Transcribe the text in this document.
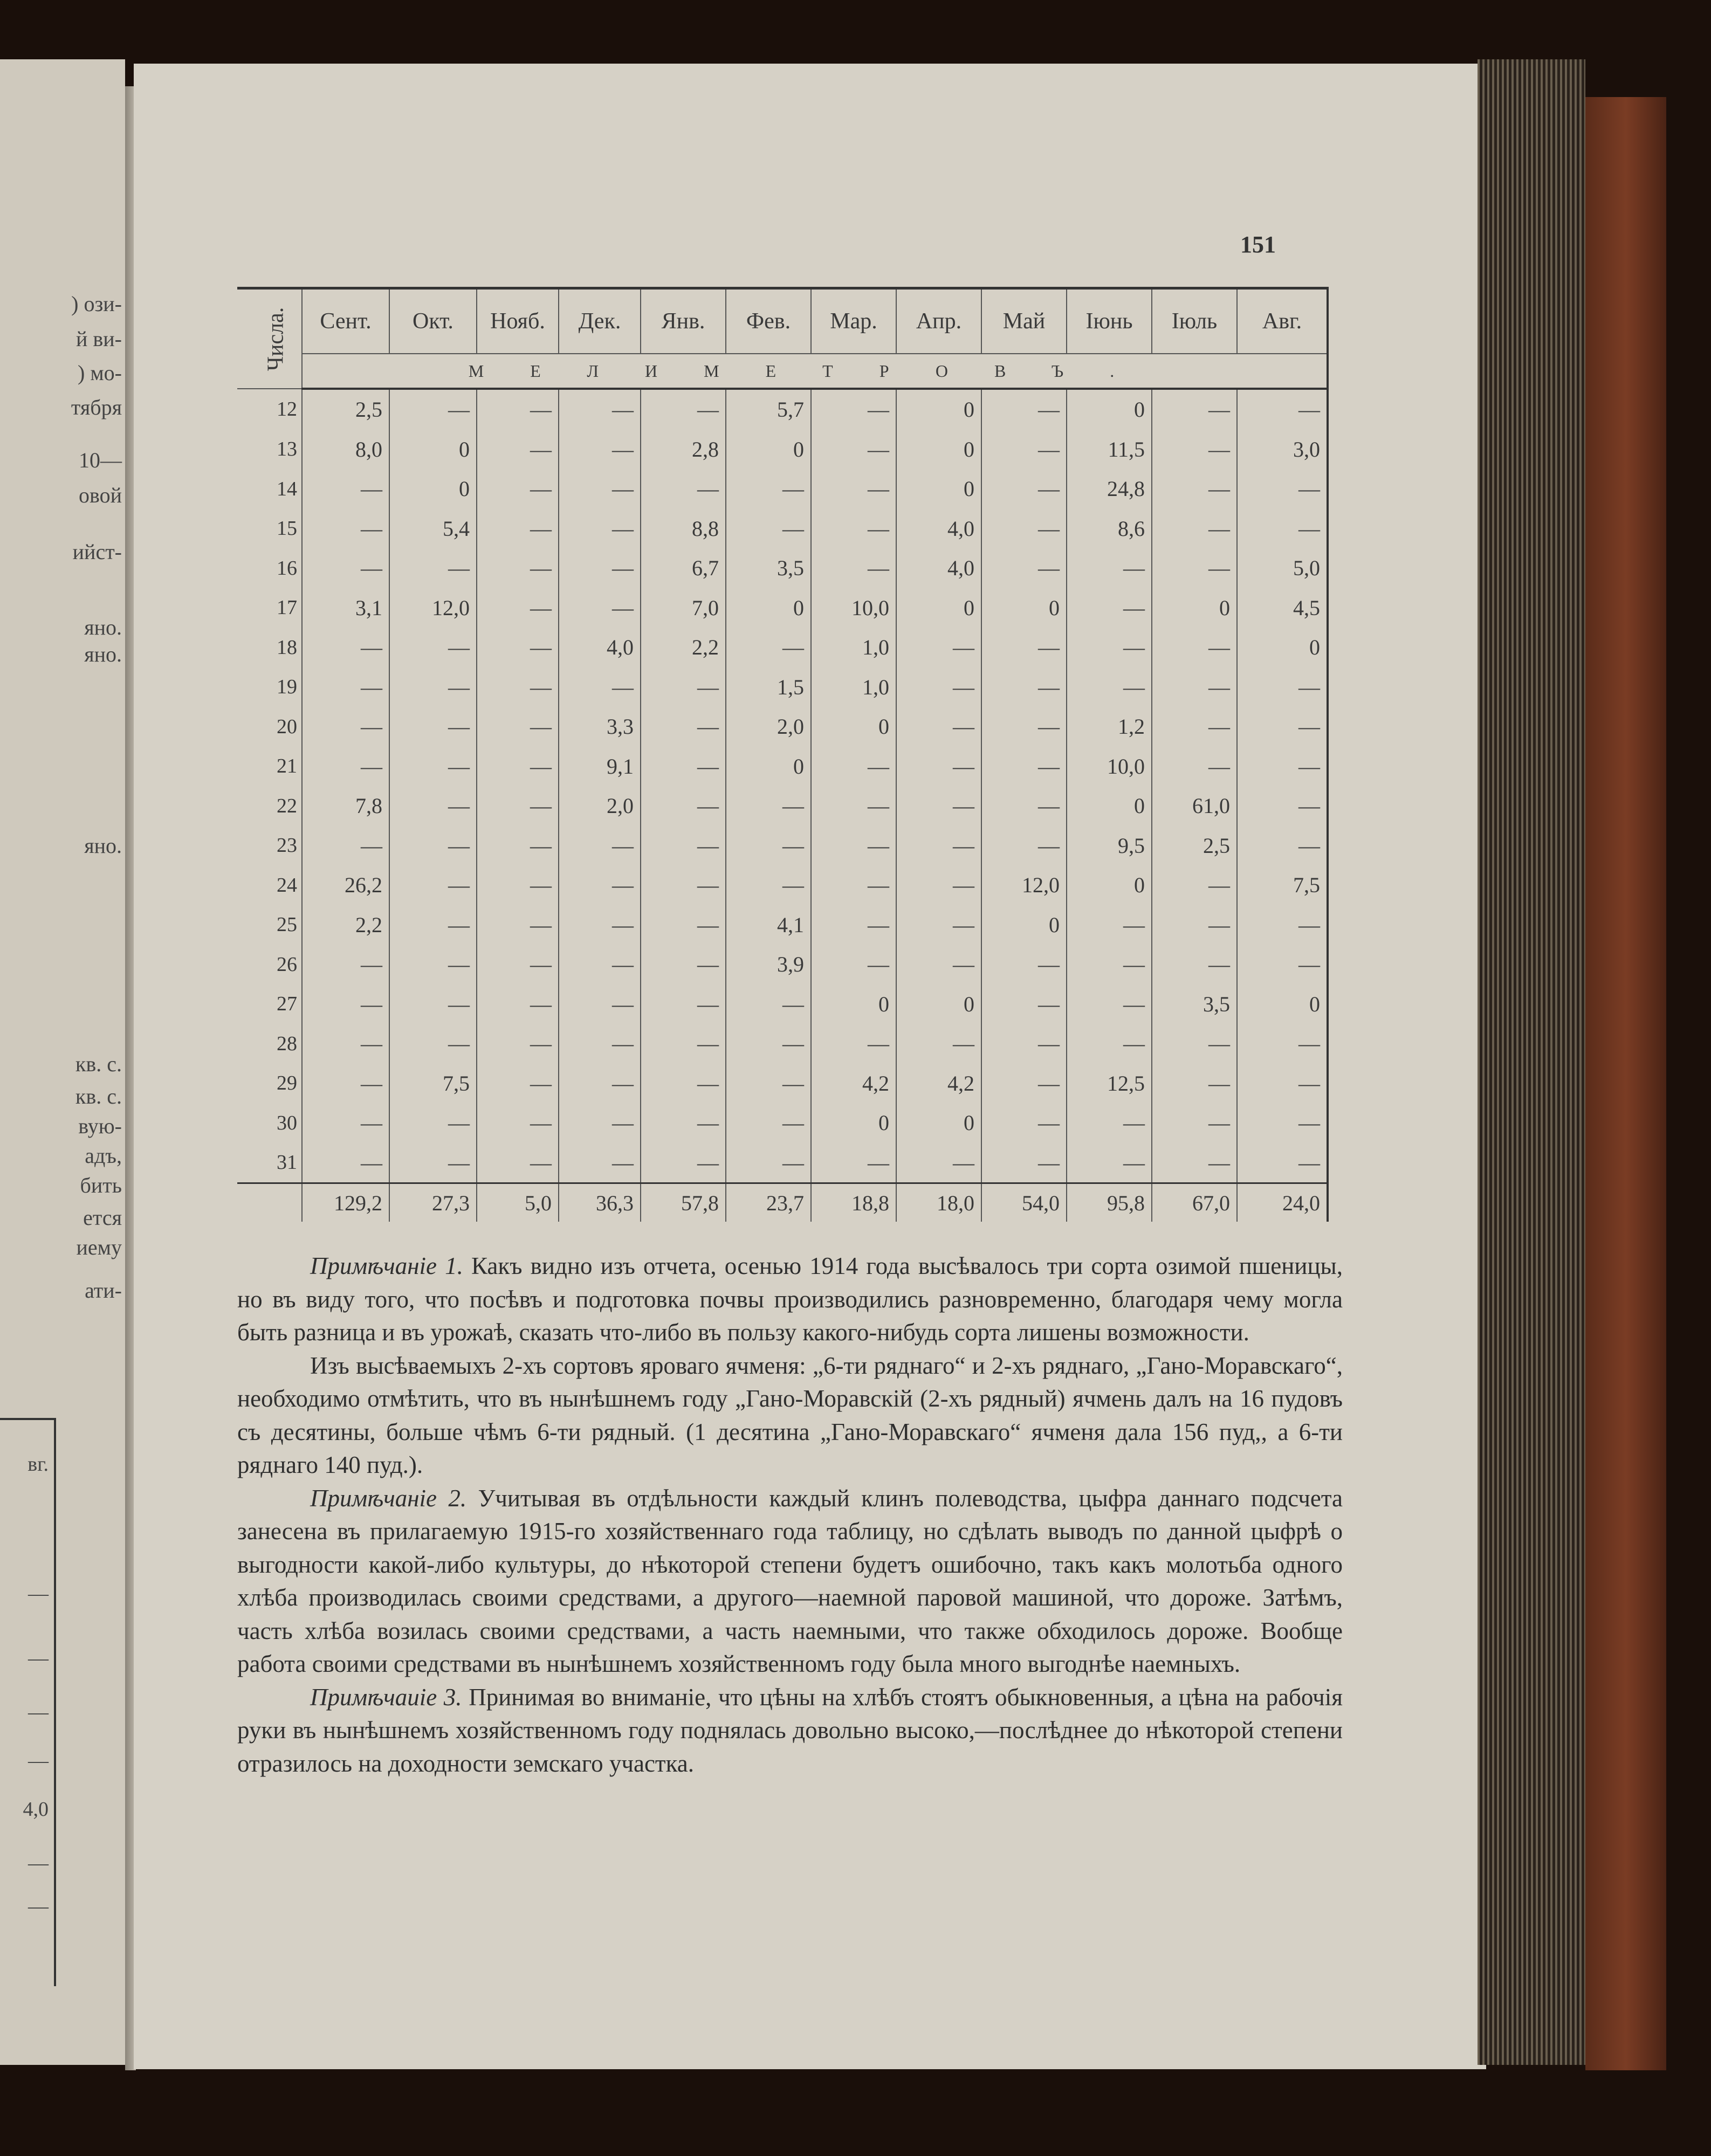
) ози-
й ви-
) мо-
тября
10—
овой
ийст-
яно.
яно.
яно.
кв. с.
кв. с.
вую-
адъ,
бить
ется
иему
ати-
вг.
—
—
—
—
4,0
—
—
151
Числа.	Сент.	Окт.	Нояб.	Дек.	Янв.	Фев.	Мар.	Апр.	Май	Iюнь	Iюль	Авг.
	МЕЛИМЕТРОВЪ.											
12	2,5	—	—	—	—	5,7	—	0	—	0	—	—
13	8,0	0	—	—	2,8	0	—	0	—	11,5	—	3,0
14	—	0	—	—	—	—	—	0	—	24,8	—	—
15	—	5,4	—	—	8,8	—	—	4,0	—	8,6	—	—
16	—	—	—	—	6,7	3,5	—	4,0	—	—	—	5,0
17	3,1	12,0	—	—	7,0	0	10,0	0	0	—	0	4,5
18	—	—	—	4,0	2,2	—	1,0	—	—	—	—	0
19	—	—	—	—	—	1,5	1,0	—	—	—	—	—
20	—	—	—	3,3	—	2,0	0	—	—	1,2	—	—
21	—	—	—	9,1	—	0	—	—	—	10,0	—	—
22	7,8	—	—	2,0	—	—	—	—	—	0	61,0	—
23	—	—	—	—	—	—	—	—	—	9,5	2,5	—
24	26,2	—	—	—	—	—	—	—	12,0	0	—	7,5
25	2,2	—	—	—	—	4,1	—	—	0	—	—	—
26	—	—	—	—	—	3,9	—	—	—	—	—	—
27	—	—	—	—	—	—	0	0	—	—	3,5	0
28	—	—	—	—	—	—	—	—	—	—	—	—
29	—	7,5	—	—	—	—	4,2	4,2	—	12,5	—	—
30	—	—	—	—	—	—	0	0	—	—	—	—
31	—	—	—	—	—	—	—	—	—	—	—	—
	129,2	27,3	5,0	36,3	57,8	23,7	18,8	18,0	54,0	95,8	67,0	24,0

Примѣчаніе 1. Какъ видно изъ отчета, осенью 1914 года высѣвалось три сорта озимой пшеницы, но въ виду того, что посѣвъ и подготовка почвы производились разновременно, благодаря чему могла быть разница и въ урожаѣ, сказать что-либо въ пользу какого-нибудь сорта лишены возможности.

Изъ высѣваемыхъ 2-хъ сортовъ яроваго ячменя: „6-ти ряднаго“ и 2-хъ ряднаго, „Гано-Моравскаго“, необходимо отмѣтить, что въ нынѣшнемъ году „Гано-Моравскій (2-хъ рядный) ячмень далъ на 16 пудовъ съ десятины, больше чѣмъ 6-ти рядный. (1 десятина „Гано-Моравскаго“ ячменя дала 156 пуд,, а 6-ти ряднаго 140 пуд.).

Примѣчаніе 2. Учитывая въ отдѣльности каждый клинъ полеводства, цыфра даннаго подсчета занесена въ прилагаемую 1915-го хозяйственнаго года таблицу, но сдѣлать выводъ по данной цыфрѣ о выгодности какой-либо культуры, до нѣкоторой степени будетъ ошибочно, такъ какъ молотьба одного хлѣба производилась своими средствами, а другого—наемной паровой машиной, что дороже. Затѣмъ, часть хлѣба возилась своими средствами, а часть наемными, что также обходилось дороже. Вообще работа своими средствами въ нынѣшнемъ хозяйственномъ году была много выгоднѣе наемныхъ.

Примѣчаиіе 3. Принимая во вниманіе, что цѣны на хлѣбъ стоятъ обыкновенныя, а цѣна на рабочія руки въ нынѣшнемъ хозяйственномъ году поднялась довольно высоко,—послѣднее до нѣкоторой степени отразилось на доходности земскаго участка.
